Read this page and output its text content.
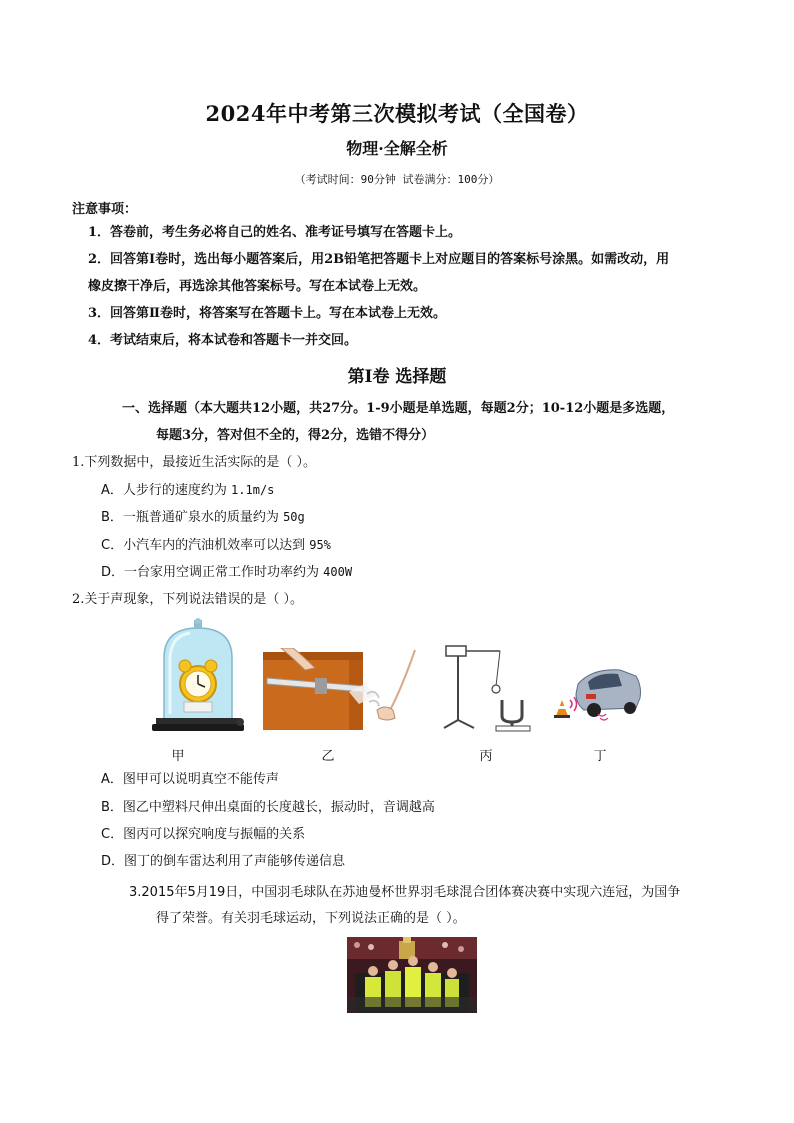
2024年中考第三次模拟考试（全国卷）
物理·全解全析
（考试时间：90分钟 试卷满分：100分）
注意事项：
1．答卷前，考生务必将自己的姓名、准考证号填写在答题卡上。
2．回答第Ⅰ卷时，选出每小题答案后，用2B铅笔把答题卡上对应题目的答案标号涂黑。如需改动，用
橡皮擦干净后，再选涂其他答案标号。写在本试卷上无效。
3．回答第Ⅱ卷时，将答案写在答题卡上。写在本试卷上无效。
4．考试结束后，将本试卷和答题卡一并交回。
第Ⅰ卷 选择题
一、选择题（本大题共12小题，共27分。1-9小题是单选题，每题2分；10-12小题是多选题，
每题3分，答对但不全的，得2分，选错不得分）
1.下列数据中，最接近生活实际的是（ ）。
A．人步行的速度约为 1.1m/s
B．一瓶普通矿泉水的质量约为 50g
C．小汽车内的汽油机效率可以达到 95%
D．一台家用空调正常工作时功率约为 400W
2.关于声现象，下列说法错误的是（ ）。
甲	乙	丙	丁
A．图甲可以说明真空不能传声
B．图乙中塑料尺伸出桌面的长度越长，振动时，音调越高
C．图丙可以探究响度与振幅的关系
D．图丁的倒车雷达利用了声能够传递信息
3.2015年5月19日，中国羽毛球队在苏迪曼杯世界羽毛球混合团体赛决赛中实现六连冠，为国争
得了荣誉。有关羽毛球运动，下列说法正确的是（ ）。
